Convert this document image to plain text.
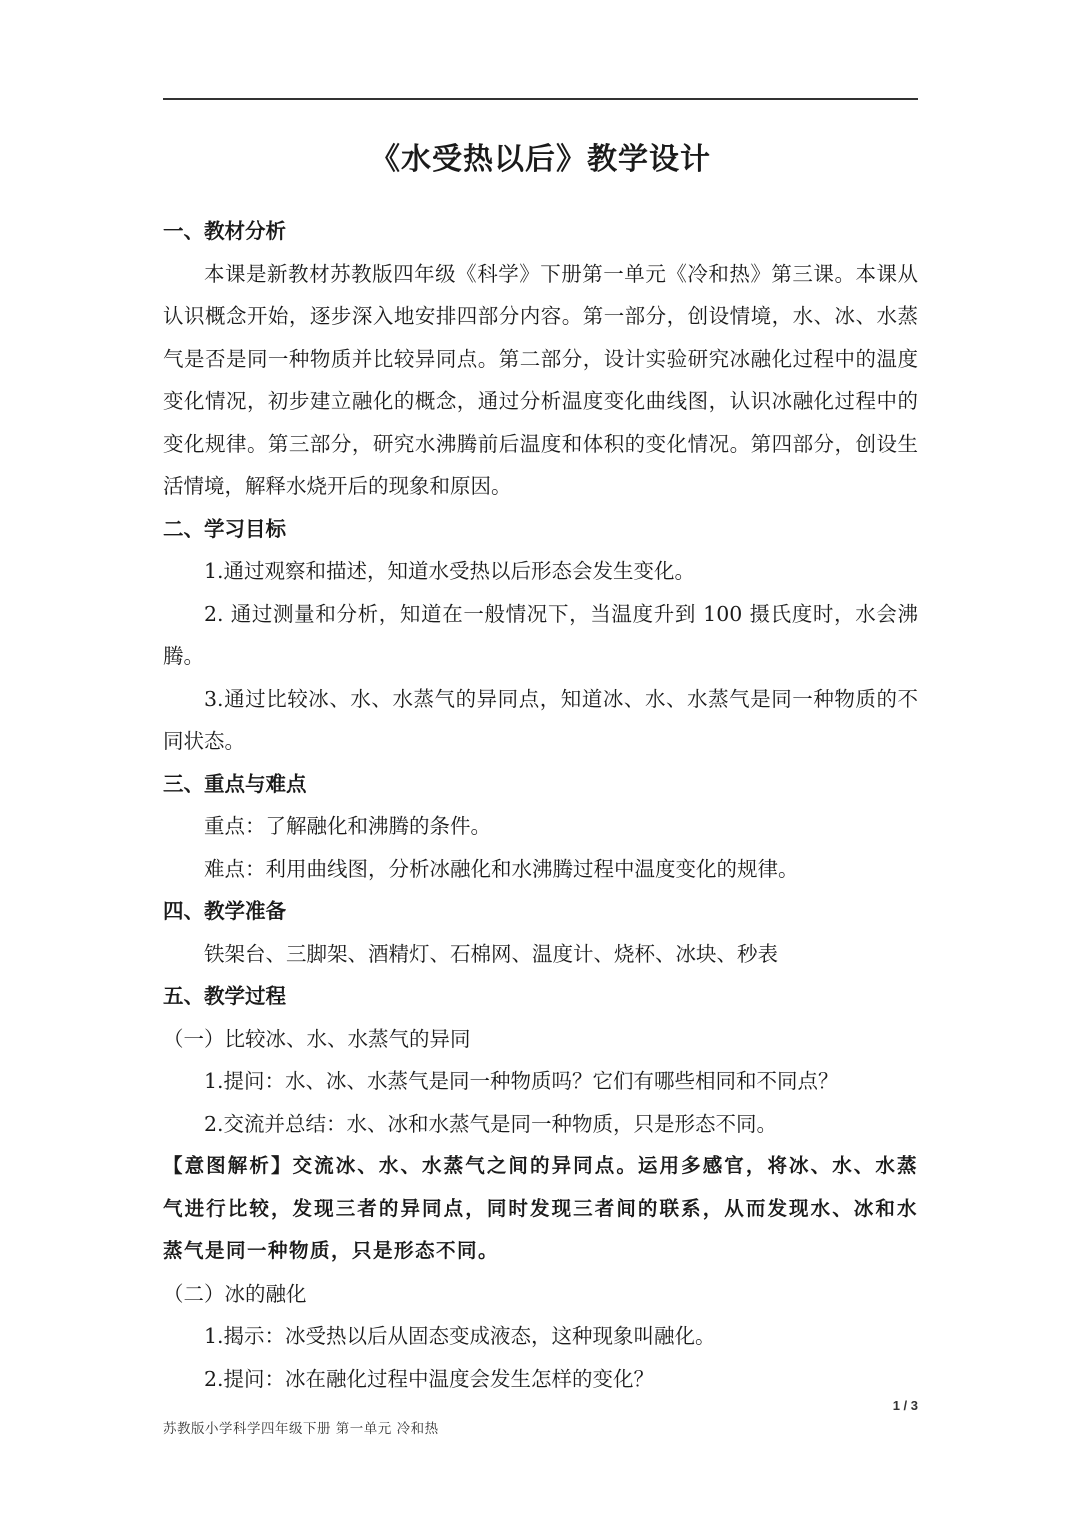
《水受热以后》教学设计
一、教材分析

本课是新教材苏教版四年级《科学》下册第一单元《冷和热》第三课。本课从认识概念开始，逐步深入地安排四部分内容。第一部分，创设情境，水、冰、水蒸气是否是同一种物质并比较异同点。第二部分，设计实验研究冰融化过程中的温度变化情况，初步建立融化的概念，通过分析温度变化曲线图，认识冰融化过程中的变化规律。第三部分，研究水沸腾前后温度和体积的变化情况。第四部分，创设生活情境，解释水烧开后的现象和原因。

二、学习目标

1.通过观察和描述，知道水受热以后形态会发生变化。

2. 通过测量和分析，知道在一般情况下，当温度升到 100 摄氏度时，水会沸腾。

3.通过比较冰、水、水蒸气的异同点，知道冰、水、水蒸气是同一种物质的不同状态。

三、重点与难点

重点：了解融化和沸腾的条件。

难点：利用曲线图，分析冰融化和水沸腾过程中温度变化的规律。

四、教学准备

铁架台、三脚架、酒精灯、石棉网、温度计、烧杯、冰块、秒表

五、教学过程

（一）比较冰、水、水蒸气的异同

1.提问：水、冰、水蒸气是同一种物质吗？它们有哪些相同和不同点？

2.交流并总结：水、冰和水蒸气是同一种物质，只是形态不同。

【意图解析】交流冰、水、水蒸气之间的异同点。运用多感官，将冰、水、水蒸气进行比较，发现三者的异同点，同时发现三者间的联系，从而发现水、冰和水蒸气是同一种物质，只是形态不同。

（二）冰的融化

1.揭示：冰受热以后从固态变成液态，这种现象叫融化。

2.提问：冰在融化过程中温度会发生怎样的变化？

1 / 3
苏教版小学科学四年级下册 第一单元 冷和热
